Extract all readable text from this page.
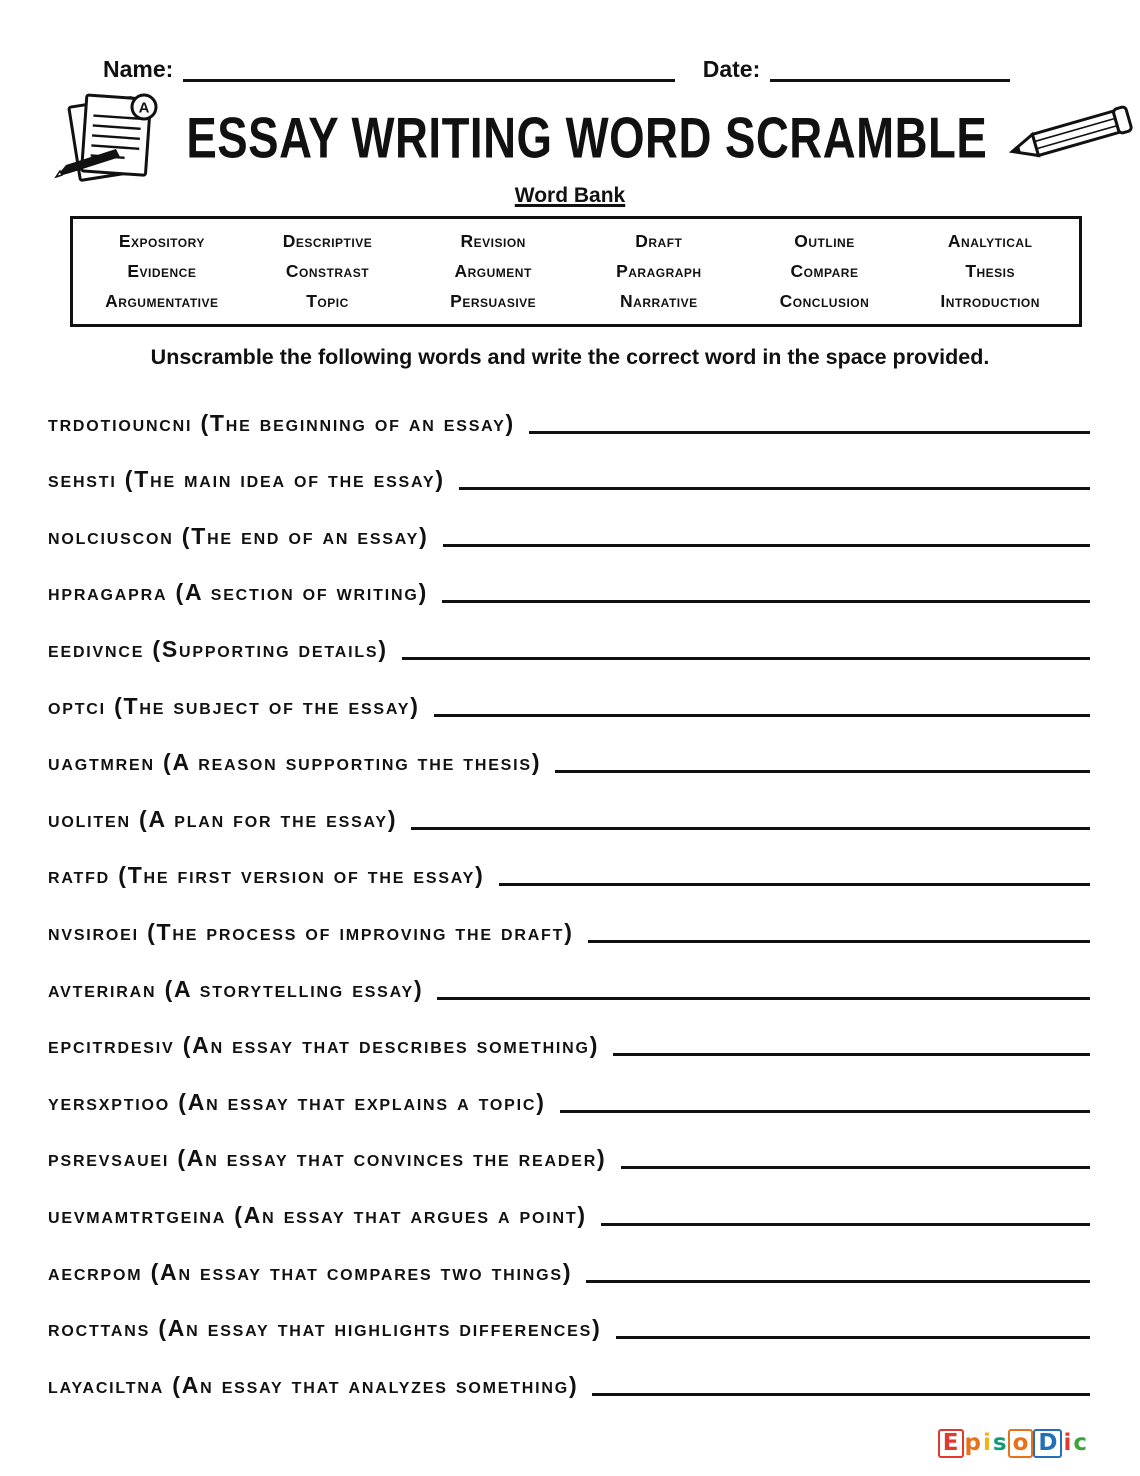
Name:	Date:
A ESSAY WRITING WORD SCRAMBLE
Word Bank
Expository	Descriptive	Revision	Draft	Outline	Analytical
Evidence	Constrast	Argument	Paragraph	Compare	Thesis
Argumentative	Topic	Persuasive	Narrative	Conclusion	Introduction
Unscramble the following words and write the correct word in the space provided.
trdotiouncni (The beginning of an essay)
sehsti (The main idea of the essay)
nolciuscon (The end of an essay)
hpragapra (A section of writing)
eedivnce (Supporting details)
optci (The subject of the essay)
uagtmren (A reason supporting the thesis)
uoliten (A plan for the essay)
ratfd (The first version of the essay)
nvsiroei (The process of improving the draft)
avteriran (A storytelling essay)
epcitrdesiv (An essay that describes something)
yersxptioo (An essay that explains a topic)
psrevsauei (An essay that convinces the reader)
uevmamtrtgeina (An essay that argues a point)
aecrpom (An essay that compares two things)
rocttans (An essay that highlights differences)
layaciltna (An essay that analyzes something)
E pis o D ic
